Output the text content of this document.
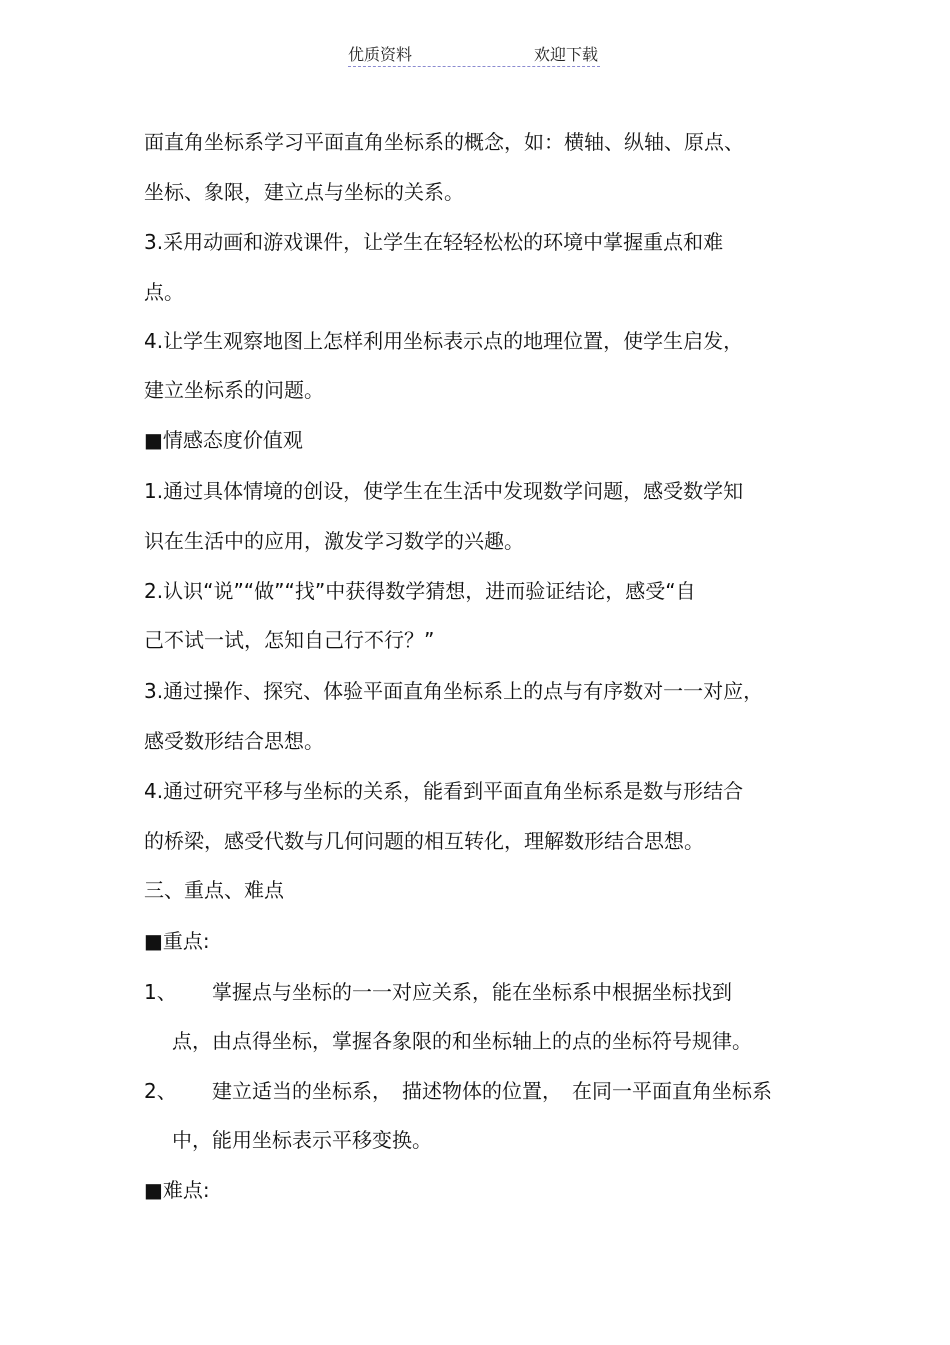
优质资料	欢迎下载
面直角坐标系学习平面直角坐标系的概念，如：横轴、纵轴、原点、
坐标、象限，建立点与坐标的关系。
3.采用动画和游戏课件，让学生在轻轻松松的环境中掌握重点和难
点。
4.让学生观察地图上怎样利用坐标表示点的地理位置，使学生启发，
建立坐标系的问题。
■情感态度价值观
1.通过具体情境的创设，使学生在生活中发现数学问题，感受数学知
识在生活中的应用，激发学习数学的兴趣。
2.认识“说”“做”“找”中获得数学猜想，进而验证结论，感受“自
己不试一试，怎知自己行不行？”
3.通过操作、探究、体验平面直角坐标系上的点与有序数对一一对应，
感受数形结合思想。
4.通过研究平移与坐标的关系，能看到平面直角坐标系是数与形结合
的桥梁，感受代数与几何问题的相互转化，理解数形结合思想。
三、重点、难点
■重点:
1、 掌握点与坐标的一一对应关系，能在坐标系中根据坐标找到
点，由点得坐标，掌握各象限的和坐标轴上的点的坐标符号规律。
2、 建立适当的坐标系，　描述物体的位置，　在同一平面直角坐标系
中，能用坐标表示平移变换。
■难点:
